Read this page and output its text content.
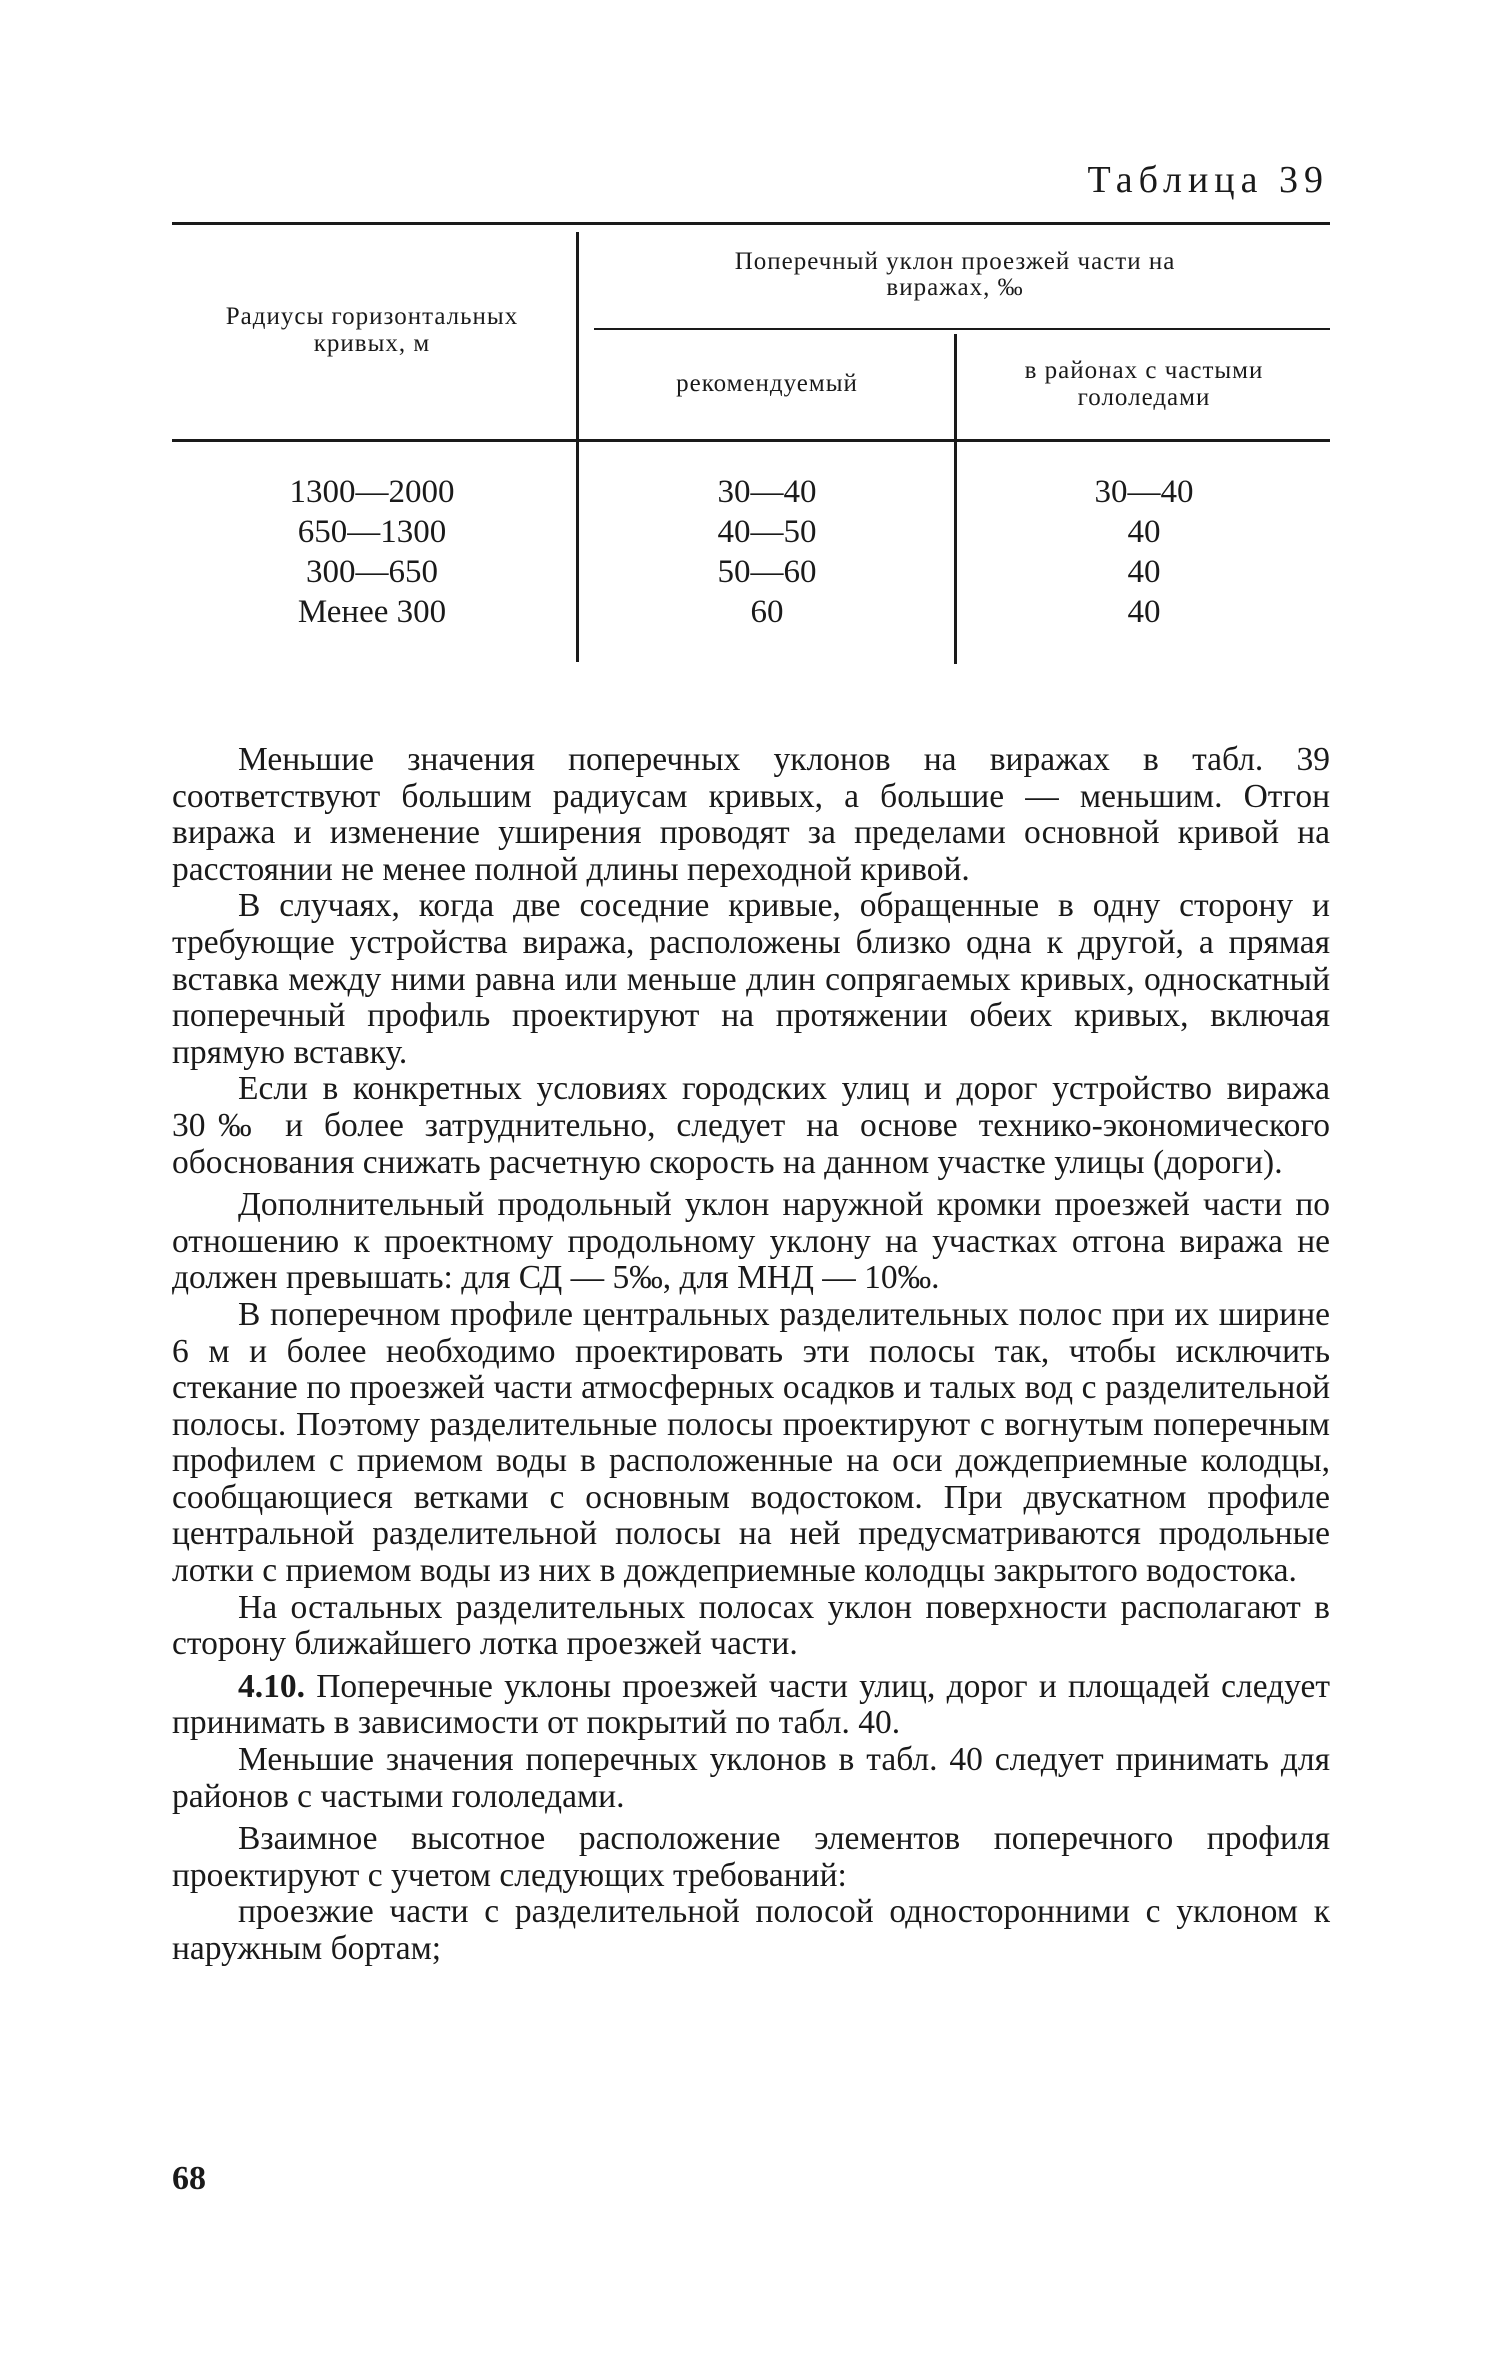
Таблица 39
Радиусы горизонтальных кривых, м
Поперечный уклон проезжей части на виражах, ‰
рекомендуемый	в районах с частыми гололедами
1300—2000
650—1300
300—650
Менее 300
30—40
40—50
50—60
60
30—40
40
40
40

Меньшие значения поперечных уклонов на виражах в табл. 39 соответствуют большим радиусам кривых, а большие — меньшим. Отгон виража и изменение уширения проводят за пределами основной кривой на расстоянии не менее полной длины переходной кривой.

В случаях, когда две соседние кривые, обращенные в одну сторону и требующие устройства виража, расположены близко одна к другой, а прямая вставка между ними равна или меньше длин сопрягаемых кривых, односкатный поперечный профиль проектируют на протяжении обеих кривых, включая прямую вставку.

Если в конкретных условиях городских улиц и дорог устройство виража 30‰ и более затруднительно, следует на основе технико-экономического обоснования снижать расчетную скорость на данном участке улицы (дороги).

Дополнительный продольный уклон наружной кромки проезжей части по отношению к проектному продольному уклону на участках отгона виража не должен превышать: для СД — 5‰, для МНД — 10‰.

В поперечном профиле центральных разделительных полос при их ширине 6 м и более необходимо проектировать эти полосы так, чтобы исключить стекание по проезжей части атмосферных осадков и талых вод с разделительной полосы. Поэтому разделительные полосы проектируют с вогнутым поперечным профилем с приемом воды в расположенные на оси дождеприемные колодцы, сообщающиеся ветками с основным водостоком. При двускатном профиле центральной разделительной полосы на ней предусматриваются продольные лотки с приемом воды из них в дождеприемные колодцы закрытого водостока.

На остальных разделительных полосах уклон поверхности располагают в сторону ближайшего лотка проезжей части.

4.10. Поперечные уклоны проезжей части улиц, дорог и площадей следует принимать в зависимости от покрытий по табл. 40.

Меньшие значения поперечных уклонов в табл. 40 следует принимать для районов с частыми гололедами.

Взаимное высотное расположение элементов поперечного профиля проектируют с учетом следующих требований:

проезжие части с разделительной полосой односторонними с уклоном к наружным бортам;

68
